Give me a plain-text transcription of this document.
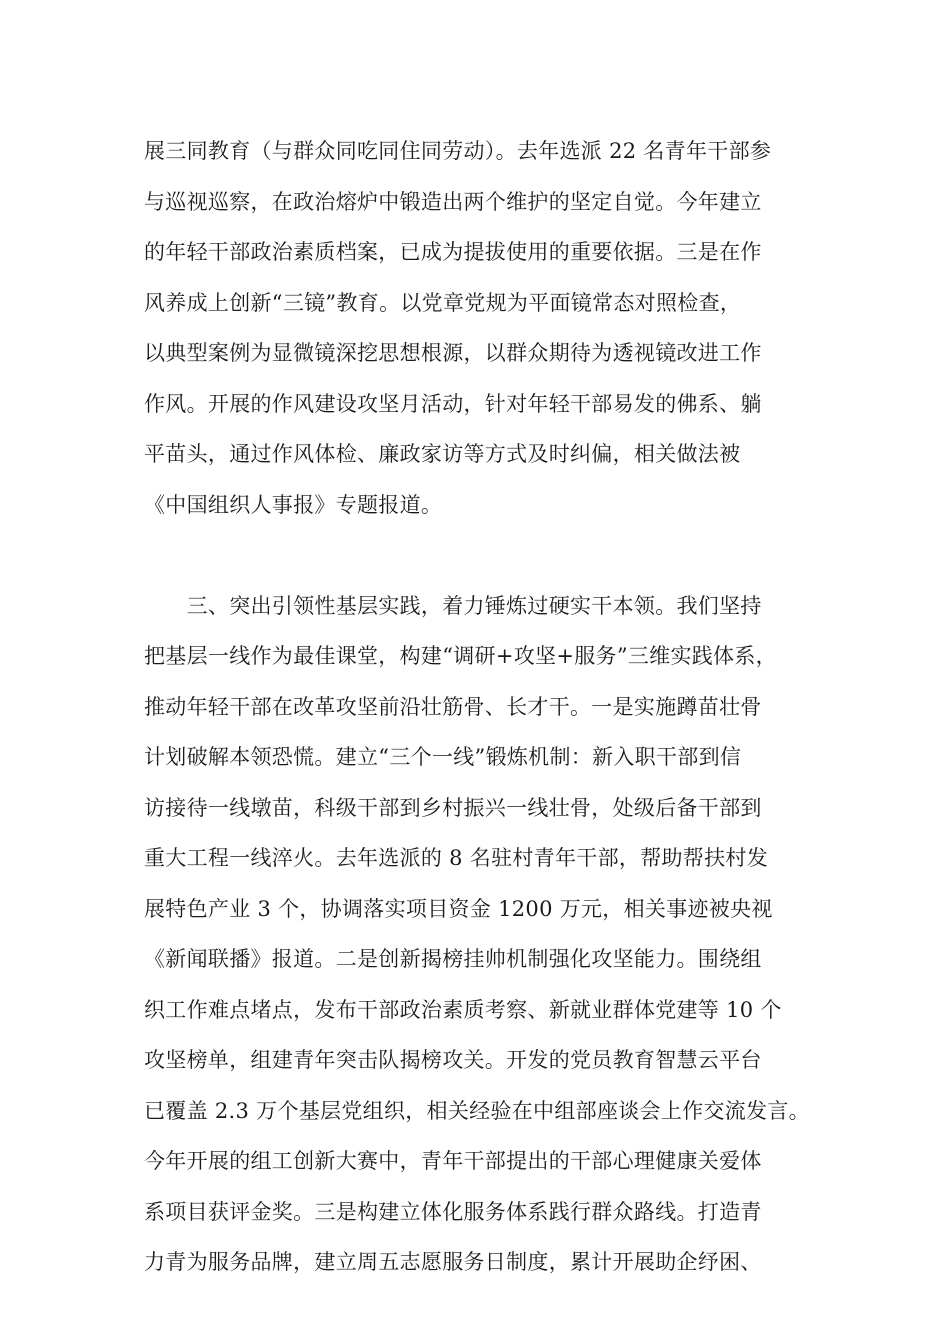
展三同教育（与群众同吃同住同劳动）。去年选派 22 名青年干部参
与巡视巡察，在政治熔炉中锻造出两个维护的坚定自觉。今年建立
的年轻干部政治素质档案，已成为提拔使用的重要依据。三是在作
风养成上创新“三镜”教育。以党章党规为平面镜常态对照检查，
以典型案例为显微镜深挖思想根源，以群众期待为透视镜改进工作
作风。开展的作风建设攻坚月活动，针对年轻干部易发的佛系、躺
平苗头，通过作风体检、廉政家访等方式及时纠偏，相关做法被
《中国组织人事报》专题报道。
　　三、突出引领性基层实践，着力锤炼过硬实干本领。我们坚持
把基层一线作为最佳课堂，构建“调研+攻坚+服务”三维实践体系，
推动年轻干部在改革攻坚前沿壮筋骨、长才干。一是实施蹲苗壮骨
计划破解本领恐慌。建立“三个一线”锻炼机制：新入职干部到信
访接待一线墩苗，科级干部到乡村振兴一线壮骨，处级后备干部到
重大工程一线淬火。去年选派的 8 名驻村青年干部，帮助帮扶村发
展特色产业 3 个，协调落实项目资金 1200 万元，相关事迹被央视
《新闻联播》报道。二是创新揭榜挂帅机制强化攻坚能力。围绕组
织工作难点堵点，发布干部政治素质考察、新就业群体党建等 10 个
攻坚榜单，组建青年突击队揭榜攻关。开发的党员教育智慧云平台
已覆盖 2.3 万个基层党组织，相关经验在中组部座谈会上作交流发言。
今年开展的组工创新大赛中，青年干部提出的干部心理健康关爱体
系项目获评金奖。三是构建立体化服务体系践行群众路线。打造青
力青为服务品牌，建立周五志愿服务日制度，累计开展助企纾困、
